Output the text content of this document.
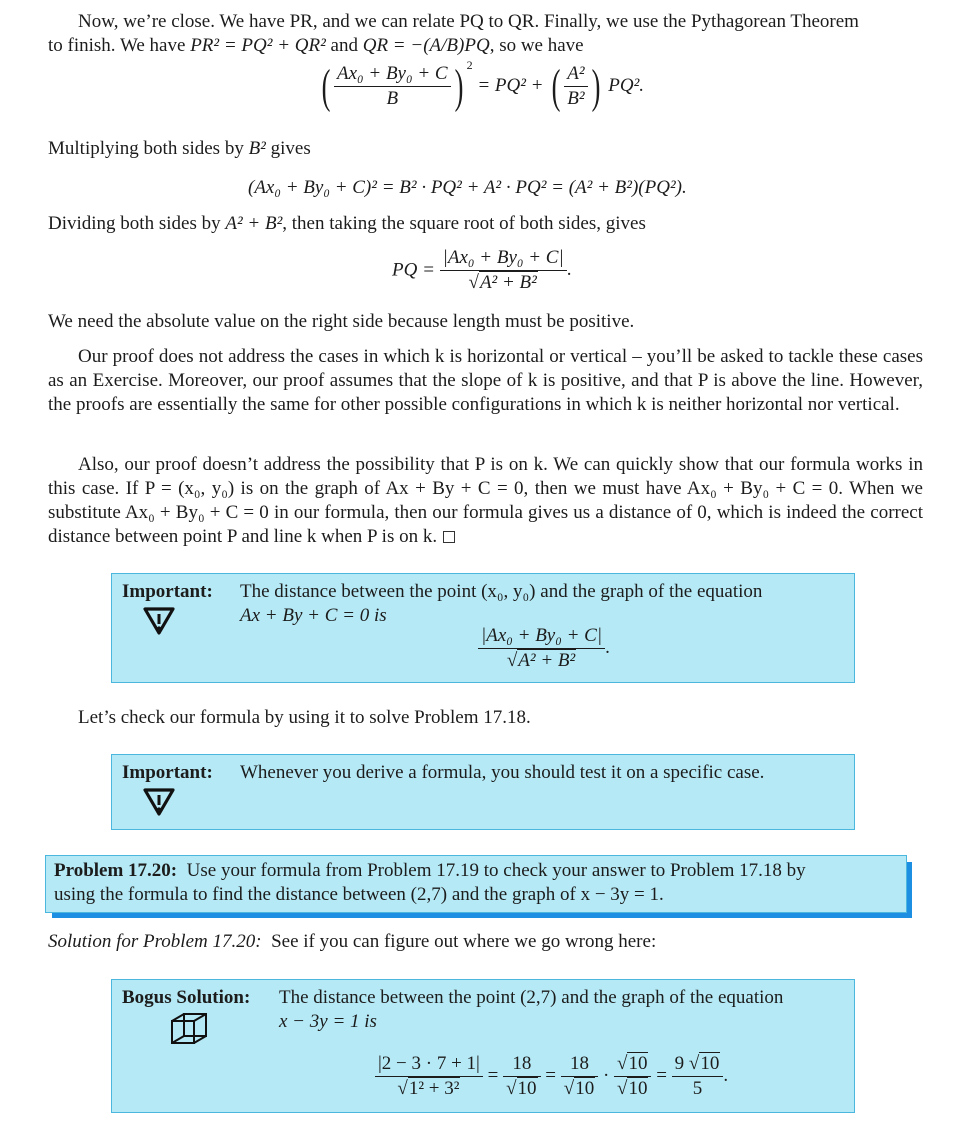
Now, we’re close. We have PR, and we can relate PQ to QR. Finally, we use the Pythagorean Theorem
to finish. We have PR² = PQ² + QR² and QR = −(A/B)PQ, so we have
( $\frac{\text{Ax₀ + By₀ + C}}{B}$ ) $^2$ = PQ² + ( $\frac{\text{A²}}{\text{B²}}$ ) PQ².
Multiplying both sides by B² gives
(Ax₀ + By₀ + C)² = B² · PQ² + A² · PQ² = (A² + B²)(PQ²).
Dividing both sides by A² + B², then taking the square root of both sides, gives
PQ = $\frac{\text{|Ax₀ + By₀ + C|}}{\text{√A² + B²}}$ .
We need the absolute value on the right side because length must be positive.
Our proof does not address the cases in which k is horizontal or vertical – you’ll be asked to tackle these cases as an Exercise. Moreover, our proof assumes that the slope of k is positive, and that P is above the line. However, the proofs are essentially the same for other possible configurations in which k is neither horizontal nor vertical.
Also, our proof doesn’t address the possibility that P is on k. We can quickly show that our formula works in this case. If P = (x₀, y₀) is on the graph of Ax + By + C = 0, then we must have Ax₀ + By₀ + C = 0. When we substitute Ax₀ + By₀ + C = 0 in our formula, then our formula gives us a distance of 0, which is indeed the correct distance between point P and line k when P is on k.
Important: The distance between the point (x₀, y₀) and the graph of the equation
Ax + By + C = 0 is
$\frac{\text{|Ax₀ + By₀ + C|}}{\text{√A² + B²}}$ .
Let’s check our formula by using it to solve Problem 17.18.
Important: Whenever you derive a formula, you should test it on a specific case.
Problem 17.20: Use your formula from Problem 17.19 to check your answer to Problem 17.18 by
using the formula to find the distance between (2,7) and the graph of x − 3y = 1.
Solution for Problem 17.20: See if you can figure out where we go wrong here:
Bogus Solution: The distance between the point (2,7) and the graph of the equation
x − 3y = 1 is
$\frac{|2 - 3 \cdot 7 + 1|}{\text{√1² + 3²}} = \frac{18}{√10} = \frac{18}{√10} \cdot \frac{√10}{√10} = \frac{9 √10}{5}$ .
